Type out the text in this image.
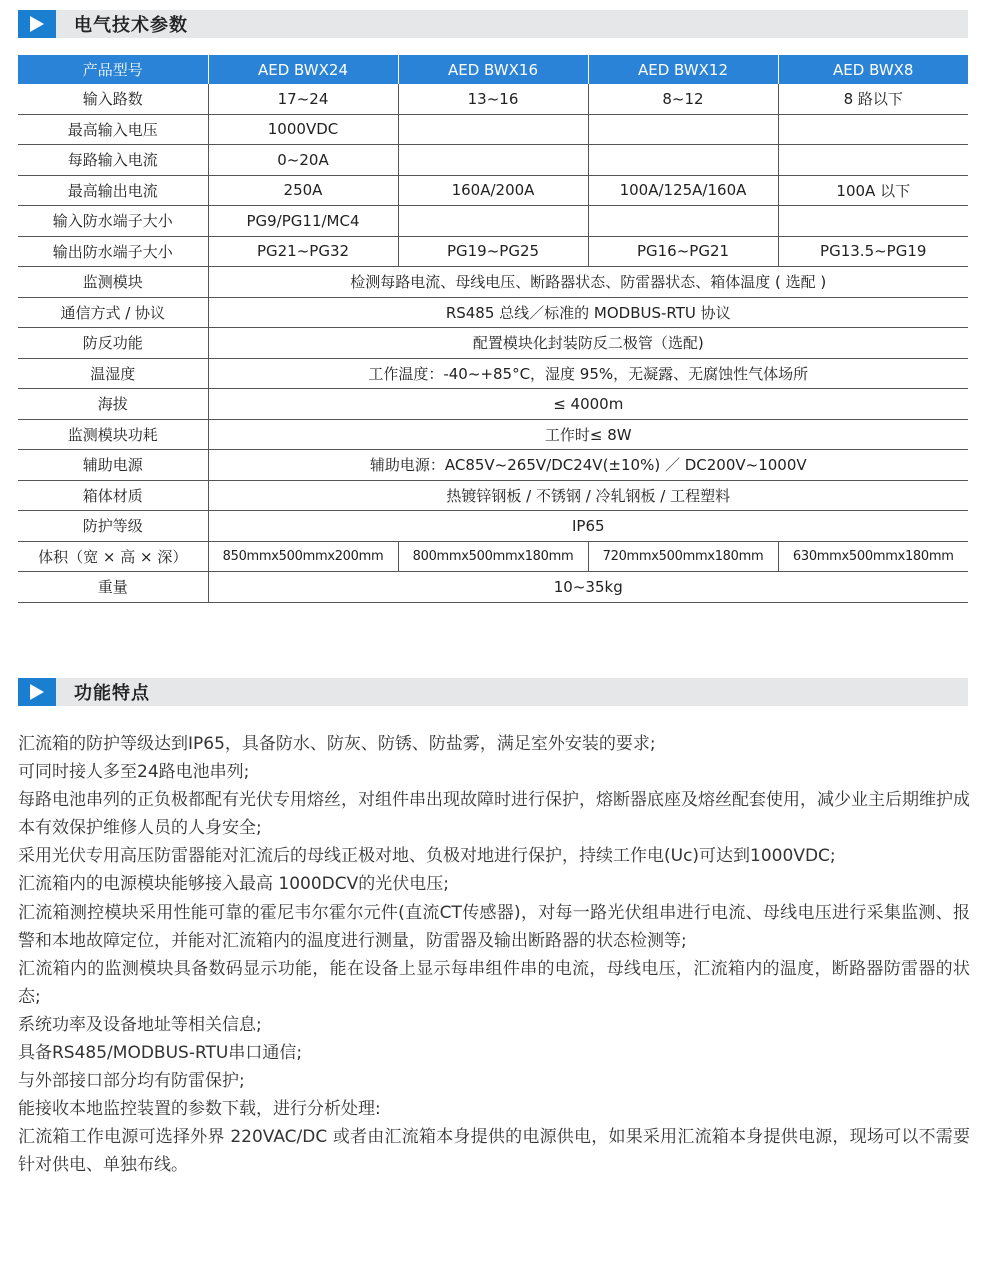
电气技术参数
产品型号	AED BWX24	AED BWX16	AED BWX12	AED BWX8
输入路数	17~24	13~16	8~12	8 路以下
最高输入电压	1000VDC			
每路输入电流	0~20A			
最高输出电流	250A	160A/200A	100A/125A/160A	100A 以下
输入防水端子大小	PG9/PG11/MC4			
输出防水端子大小	PG21~PG32	PG19~PG25	PG16~PG21	PG13.5~PG19
监测模块	检测每路电流、母线电压、断路器状态、防雷器状态、箱体温度 ( 选配 )			
通信方式 / 协议	RS485 总线／标准的 MODBUS-RTU 协议			
防反功能	配置模块化封装防反二极管（选配)			
温湿度	工作温度：-40~+85°C，湿度 95%，无凝露、无腐蚀性气体场所			
海拔	≤ 4000m			
监测模块功耗	工作时≤ 8W			
辅助电源	辅助电源：AC85V~265V/DC24V(±10%) ／ DC200V~1000V			
箱体材质	热镀锌钢板 / 不锈钢 / 冷轧钢板 / 工程塑料			
防护等级	IP65			
体积（宽 × 高 × 深）	850mmx500mmx200mm	800mmx500mmx180mm	720mmx500mmx180mm	630mmx500mmx180mm
重量	10~35kg			
功能特点

汇流箱的防护等级达到IP65，具备防水、防灰、防锈、防盐雾，满足室外安装的要求;

可同时接人多至24路电池串列;

每路电池串列的正负极都配有光伏专用熔丝，对组件串出现故障时进行保护，熔断器底座及熔丝配套使用，减少业主后期维护成本有效保护维修人员的人身安全;

采用光伏专用高压防雷器能对汇流后的母线正极对地、负极对地进行保护，持续工作电(Uc)可达到1000VDC;

汇流箱内的电源模块能够接入最高 1000DCV的光伏电压;

汇流箱测控模块采用性能可靠的霍尼韦尔霍尔元件(直流CT传感器)，对每一路光伏组串进行电流、母线电压进行采集监测、报警和本地故障定位，并能对汇流箱内的温度进行测量，防雷器及输出断路器的状态检测等;

汇流箱内的监测模块具备数码显示功能，能在设备上显示每串组件串的电流，母线电压，汇流箱内的温度，断路器防雷器的状态;

系统功率及设备地址等相关信息;

具备RS485/MODBUS-RTU串口通信;

与外部接口部分均有防雷保护;

能接收本地监控装置的参数下载，进行分析处理:

汇流箱工作电源可选择外界 220VAC/DC 或者由汇流箱本身提供的电源供电，如果采用汇流箱本身提供电源，现场可以不需要针对供电、单独布线。
